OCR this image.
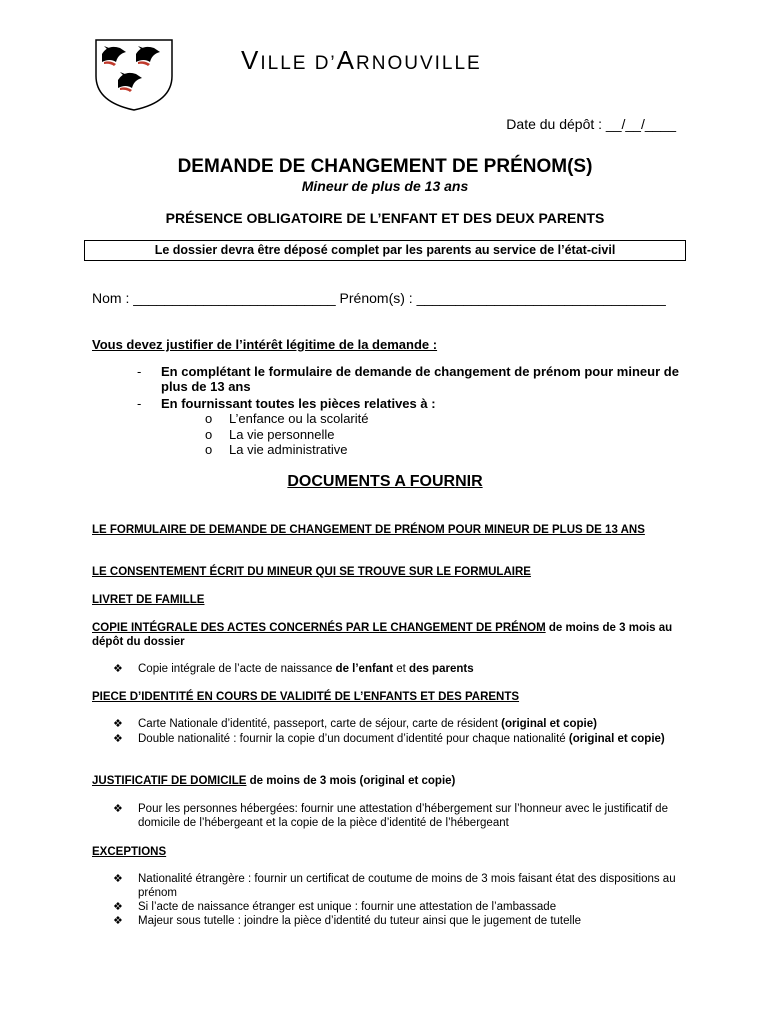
VILLE D’ARNOUVILLE
Date du dépôt : __/__/____
DEMANDE DE CHANGEMENT DE PRÉNOM(S)
Mineur de plus de 13 ans
PRÉSENCE OBLIGATOIRE DE L’ENFANT ET DES DEUX PARENTS
Le dossier devra être déposé complet par les parents au service de l’état-civil
Nom : __________________________ Prénom(s) : ________________________________
Vous devez justifier de l’intérêt légitime de la demande :
- En complétant le formulaire de demande de changement de prénom pour mineur de plus de 13 ans
- En fournissant toutes les pièces relatives à :
o L’enfance ou la scolarité
o La vie personnelle
o La vie administrative
DOCUMENTS A FOURNIR
LE FORMULAIRE DE DEMANDE DE CHANGEMENT DE PRÉNOM POUR MINEUR DE PLUS DE 13 ANS
LE CONSENTEMENT ÉCRIT DU MINEUR QUI SE TROUVE SUR LE FORMULAIRE
LIVRET DE FAMILLE
COPIE INTÉGRALE DES ACTES CONCERNÉS PAR LE CHANGEMENT DE PRÉNOM de moins de 3 mois au dépôt du dossier
❖ Copie intégrale de l’acte de naissance de l’enfant et des parents
PIECE D’IDENTITÉ EN COURS DE VALIDITÉ DE L’ENFANTS ET DES PARENTS
❖ Carte Nationale d’identité, passeport, carte de séjour, carte de résident (original et copie)
❖ Double nationalité : fournir la copie d’un document d’identité pour chaque nationalité (original et copie)
JUSTIFICATIF DE DOMICILE de moins de 3 mois (original et copie)
❖ Pour les personnes hébergées: fournir une attestation d’hébergement sur l’honneur avec le justificatif de domicile de l’hébergeant et la copie de la pièce d’identité de l’hébergeant
EXCEPTIONS
❖ Nationalité étrangère : fournir un certificat de coutume de moins de 3 mois faisant état des dispositions au prénom
❖ Si l’acte de naissance étranger est unique : fournir une attestation de l’ambassade
❖ Majeur sous tutelle : joindre la pièce d’identité du tuteur ainsi que le jugement de tutelle
